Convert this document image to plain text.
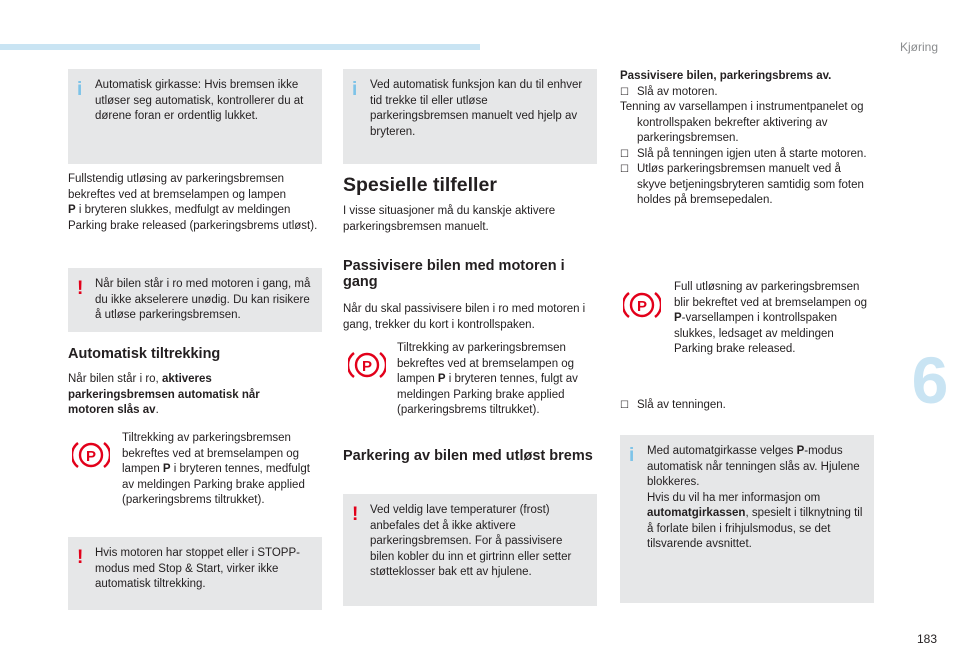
Kjøring
6
183
i Automatisk girkasse: Hvis bremsen ikke utløser seg automatisk, kontrollerer du at dørene foran er ordentlig lukket.

Fullstendig utløsing av parkeringsbremsen bekreftes ved at bremselampen og lampen
P i bryteren slukkes, medfulgt av meldingen Parking brake released (parkeringsbrems utløst).

! Når bilen står i ro med motoren i gang, må du ikke akselerere unødig. Du kan risikere å utløse parkeringsbremsen.
Automatisk tiltrekking

Når bilen står i ro, aktiveres parkeringsbremsen automatisk når motoren slås av.

P

Tiltrekking av parkeringsbremsen bekreftes ved at bremselampen og lampen P i bryteren tennes, medfulgt av meldingen Parking brake applied (parkeringsbrems tiltrukket).

! Hvis motoren har stoppet eller i STOPP-modus med Stop & Start, virker ikke automatisk tiltrekking.
i Ved automatisk funksjon kan du til enhver tid trekke til eller utløse parkeringsbremsen manuelt ved hjelp av bryteren.
Spesielle tilfeller

I visse situasjoner må du kanskje aktivere parkeringsbremsen manuelt.

Passivisere bilen med motoren i gang

Når du skal passivisere bilen i ro med motoren i gang, trekker du kort i kontrollspaken.

P

Tiltrekking av parkeringsbremsen bekreftes ved at bremselampen og lampen P i bryteren tennes, fulgt av meldingen Parking brake applied (parkeringsbrems tiltrukket).

Parkering av bilen med utløst brems
! Ved veldig lave temperaturer (frost) anbefales det å ikke aktivere parkeringsbremsen. For å passivisere bilen kobler du inn et girtrinn eller setter støtteklosser bak ett av hjulene.
Passivisere bilen, parkeringsbrems av.
☐ Slå av motoren.
Tenning av varsellampen i instrumentpanelet og kontrollspaken bekrefter aktivering av parkeringsbremsen.
☐ Slå på tenningen igjen uten å starte motoren.
☐ Utløs parkeringsbremsen manuelt ved å skyve betjeningsbryteren samtidig som foten holdes på bremsepedalen.
P

Full utløsning av parkeringsbremsen blir bekreftet ved at bremselampen og P-varsellampen i kontrollspaken slukkes, ledsaget av meldingen Parking brake released.

☐ Slå av tenningen.
i Med automatgirkasse velges P-modus automatisk når tenningen slås av. Hjulene blokkeres.
Hvis du vil ha mer informasjon om automatgirkassen, spesielt i tilknytning til å forlate bilen i frihjulsmodus, se det tilsvarende avsnittet.
